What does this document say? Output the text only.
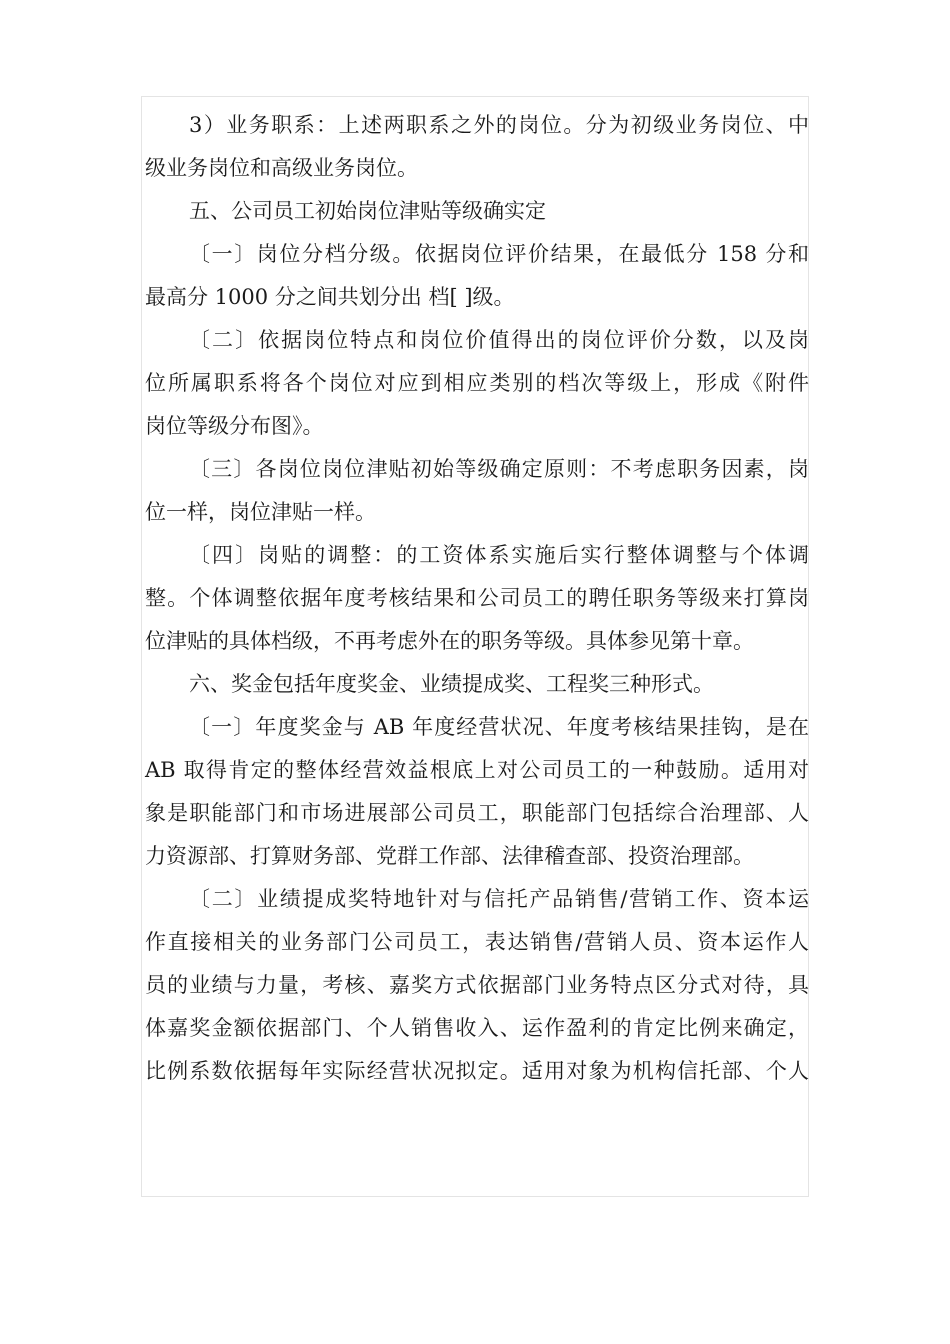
3）业务职系：上述两职系之外的岗位。分为初级业务岗位、中
级业务岗位和高级业务岗位。
五、公司员工初始岗位津贴等级确实定
〔一〕岗位分档分级。依据岗位评价结果，在最低分 158 分和
最高分 1000 分之间共划分出 档[ ]级。
〔二〕依据岗位特点和岗位价值得出的岗位评价分数，以及岗
位所属职系将各个岗位对应到相应类别的档次等级上，形成《附件
岗位等级分布图》。
〔三〕各岗位岗位津贴初始等级确定原则：不考虑职务因素，岗
位一样，岗位津贴一样。
〔四〕岗贴的调整：的工资体系实施后实行整体调整与个体调
整。个体调整依据年度考核结果和公司员工的聘任职务等级来打算岗
位津贴的具体档级，不再考虑外在的职务等级。具体参见第十章。
六、奖金包括年度奖金、业绩提成奖、工程奖三种形式。
〔一〕年度奖金与 AB 年度经营状况、年度考核结果挂钩，是在
AB 取得肯定的整体经营效益根底上对公司员工的一种鼓励。适用对
象是职能部门和市场进展部公司员工，职能部门包括综合治理部、人
力资源部、打算财务部、党群工作部、法律稽查部、投资治理部。
〔二〕业绩提成奖特地针对与信托产品销售/营销工作、资本运
作直接相关的业务部门公司员工，表达销售/营销人员、资本运作人
员的业绩与力量，考核、嘉奖方式依据部门业务特点区分式对待，具
体嘉奖金额依据部门、个人销售收入、运作盈利的肯定比例来确定，
比例系数依据每年实际经营状况拟定。适用对象为机构信托部、个人
